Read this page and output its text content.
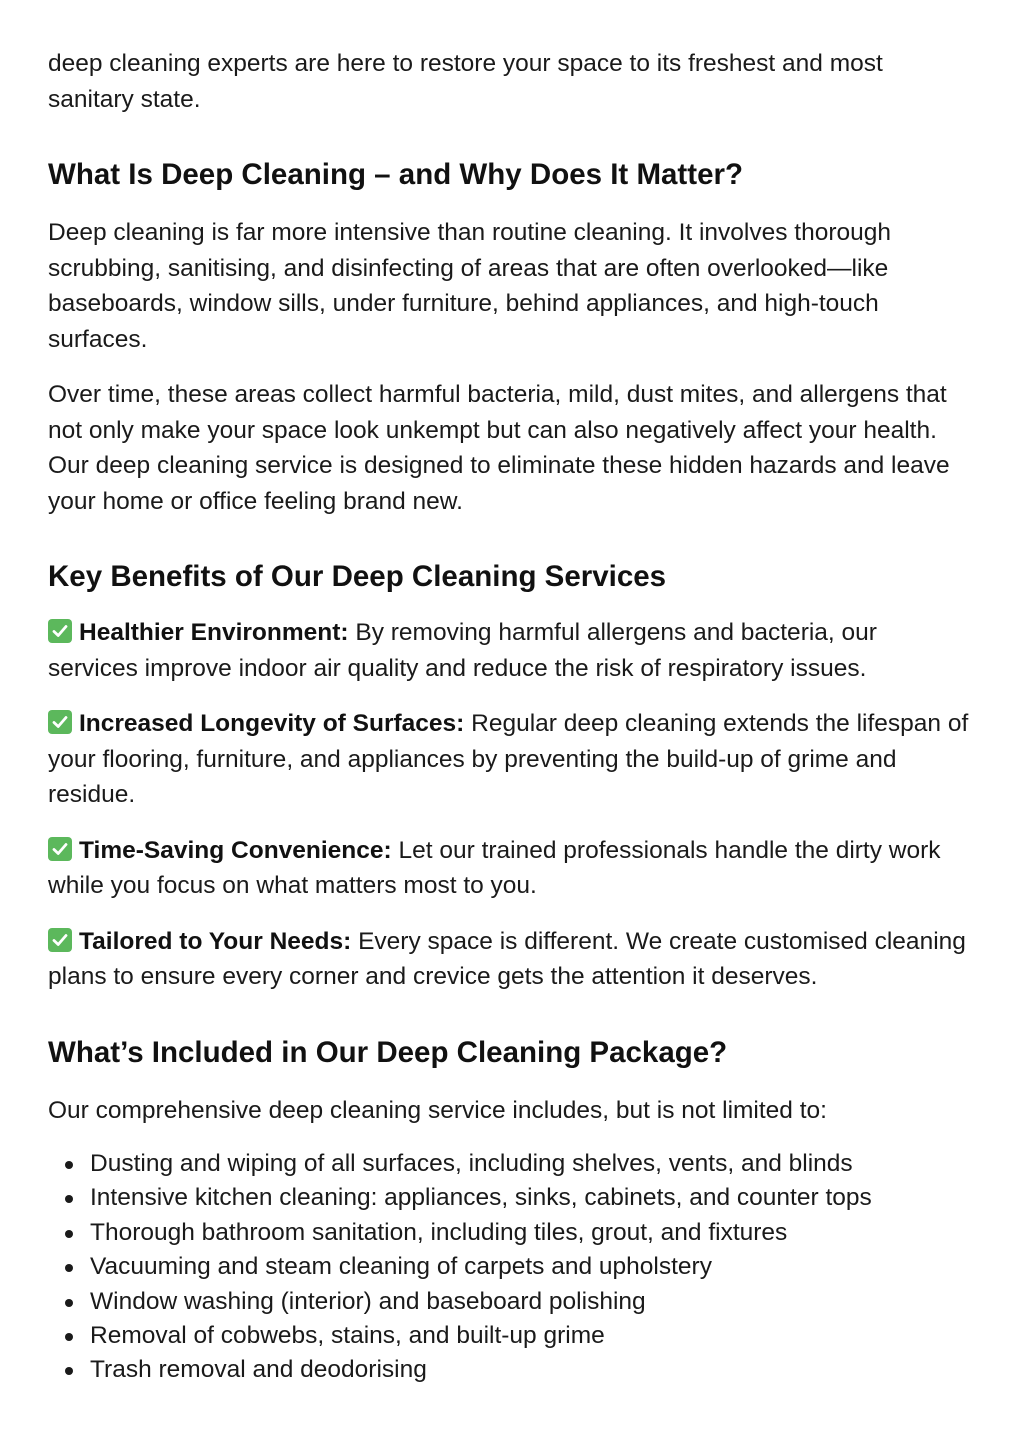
deep cleaning experts are here to restore your space to its freshest and most sanitary state.

What Is Deep Cleaning – and Why Does It Matter?

Deep cleaning is far more intensive than routine cleaning. It involves thorough scrubbing, sanitising, and disinfecting of areas that are often overlooked—like baseboards, window sills, under furniture, behind appliances, and high-touch surfaces.

Over time, these areas collect harmful bacteria, mild, dust mites, and allergens that not only make your space look unkempt but can also negatively affect your health. Our deep cleaning service is designed to eliminate these hidden hazards and leave your home or office feeling brand new.

Key Benefits of Our Deep Cleaning Services

Healthier Environment: By removing harmful allergens and bacteria, our services improve indoor air quality and reduce the risk of respiratory issues.

Increased Longevity of Surfaces: Regular deep cleaning extends the lifespan of your flooring, furniture, and appliances by preventing the build-up of grime and residue.

Time-Saving Convenience: Let our trained professionals handle the dirty work while you focus on what matters most to you.

Tailored to Your Needs: Every space is different. We create customised cleaning plans to ensure every corner and crevice gets the attention it deserves.

What’s Included in Our Deep Cleaning Package?

Our comprehensive deep cleaning service includes, but is not limited to:

Dusting and wiping of all surfaces, including shelves, vents, and blinds
Intensive kitchen cleaning: appliances, sinks, cabinets, and counter tops
Thorough bathroom sanitation, including tiles, grout, and fixtures
Vacuuming and steam cleaning of carpets and upholstery
Window washing (interior) and baseboard polishing
Removal of cobwebs, stains, and built-up grime
Trash removal and deodorising
